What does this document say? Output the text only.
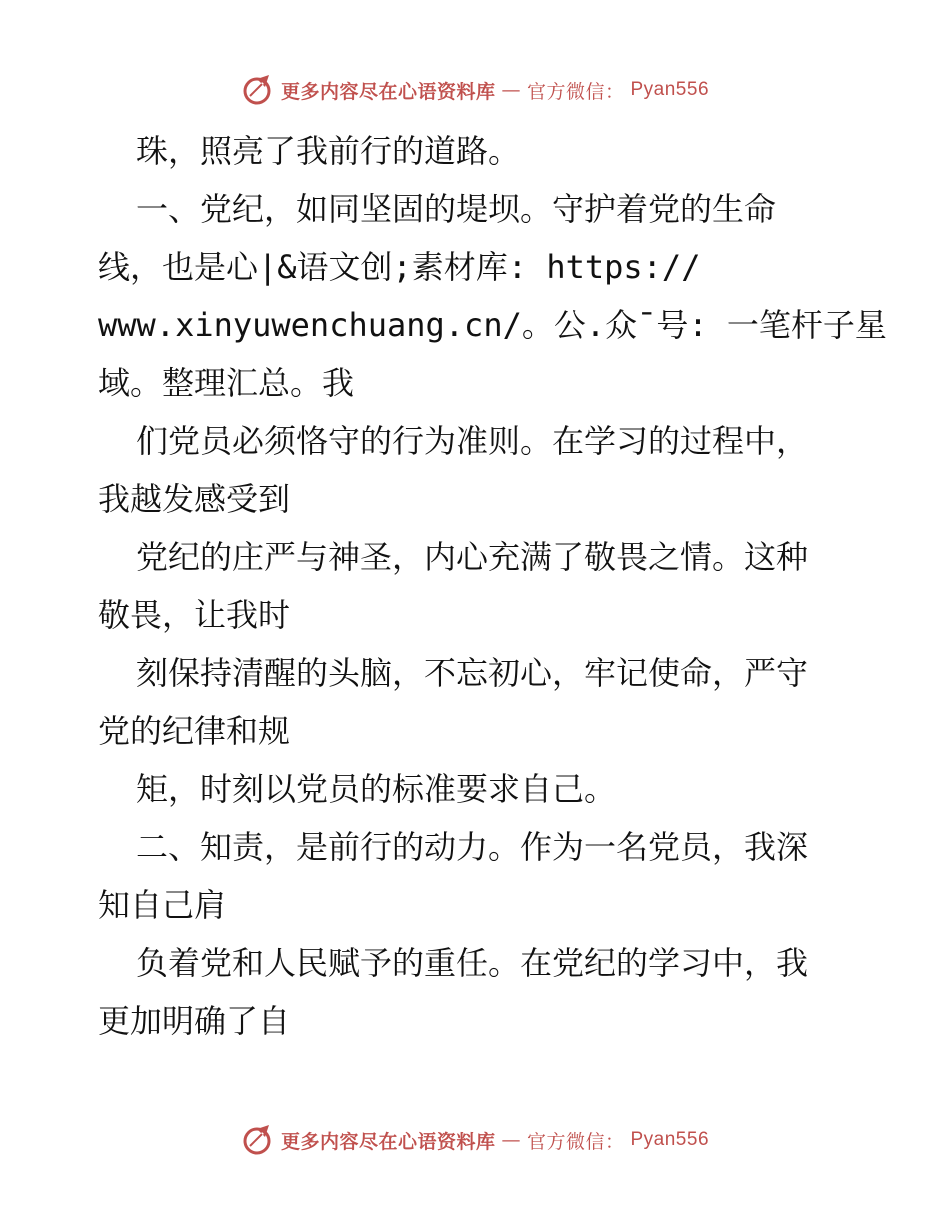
更多内容尽在心语资料库 — 官方微信： Pyan556
珠，照亮了我前行的道路。
一、党纪，如同坚固的堤坝。守护着党的生命
线，也是心|&语文创;素材库: https://
www.xinyuwenchuang.cn/。公.众¯号: 一笔杆子星
域。整理汇总。我
们党员必须恪守的行为准则。在学习的过程中，
我越发感受到
党纪的庄严与神圣，内心充满了敬畏之情。这种
敬畏，让我时
刻保持清醒的头脑，不忘初心，牢记使命，严守
党的纪律和规
矩，时刻以党员的标准要求自己。
二、知责，是前行的动力。作为一名党员，我深
知自己肩
负着党和人民赋予的重任。在党纪的学习中，我
更加明确了自
更多内容尽在心语资料库 — 官方微信： Pyan556
